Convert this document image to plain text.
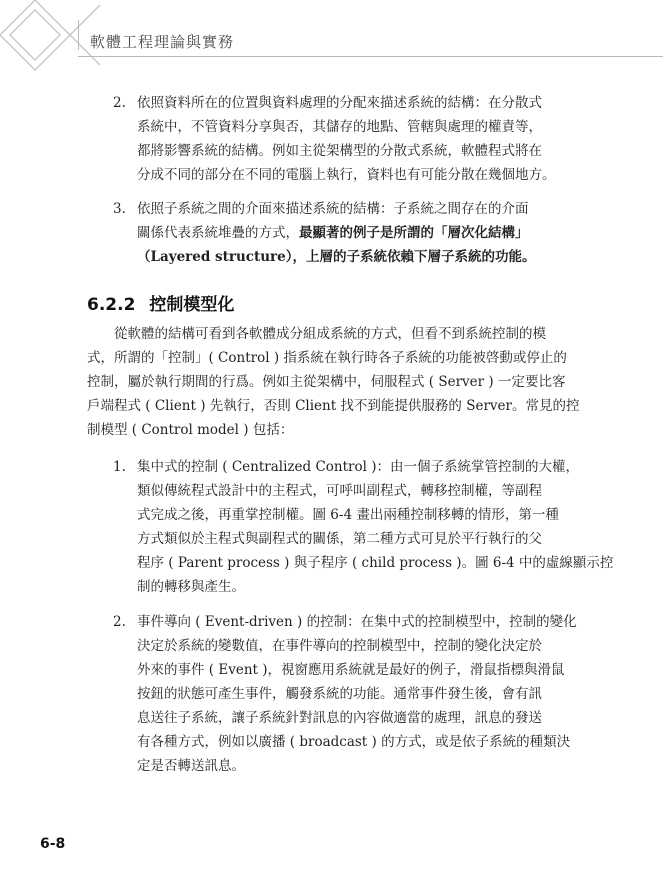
軟體工程理論與實務
2. 依照資料所在的位置與資料處理的分配來描述系統的結構：在分散式
系統中，不管資料分享與否，其儲存的地點、管轄與處理的權責等，
都將影響系統的結構。例如主從架構型的分散式系統，軟體程式將在
分成不同的部分在不同的電腦上執行，資料也有可能分散在幾個地方。
3. 依照子系統之間的介面來描述系統的結構：子系統之間存在的介面
關係代表系統堆疊的方式，最顯著的例子是所謂的「層次化結構」
（Layered structure），上層的子系統依賴下層子系統的功能。
6.2.2 控制模型化
從軟體的結構可看到各軟體成分組成系統的方式，但看不到系統控制的模
式，所謂的「控制」( Control ) 指系統在執行時各子系統的功能被啓動或停止的
控制，屬於執行期間的行爲。例如主從架構中，伺服程式 ( Server ) 一定要比客
戶端程式 ( Client ) 先執行，否則 Client 找不到能提供服務的 Server。常見的控
制模型 ( Control model ) 包括：
1. 集中式的控制 ( Centralized Control )：由一個子系統掌管控制的大權，
類似傳統程式設計中的主程式，可呼叫副程式，轉移控制權，等副程
式完成之後，再重掌控制權。圖 6-4 畫出兩種控制移轉的情形，第一種
方式類似於主程式與副程式的關係，第二種方式可見於平行執行的父
程序 ( Parent process ) 與子程序 ( child process )。圖 6-4 中的虛線顯示控
制的轉移與產生。
2. 事件導向 ( Event-driven ) 的控制：在集中式的控制模型中，控制的變化
決定於系統的變數值，在事件導向的控制模型中，控制的變化決定於
外來的事件 ( Event )，視窗應用系統就是最好的例子，滑鼠指標與滑鼠
按鈕的狀態可產生事件，觸發系統的功能。通常事件發生後，會有訊
息送往子系統，讓子系統針對訊息的內容做適當的處理，訊息的發送
有各種方式，例如以廣播 ( broadcast ) 的方式，或是依子系統的種類決
定是否轉送訊息。
6-8
